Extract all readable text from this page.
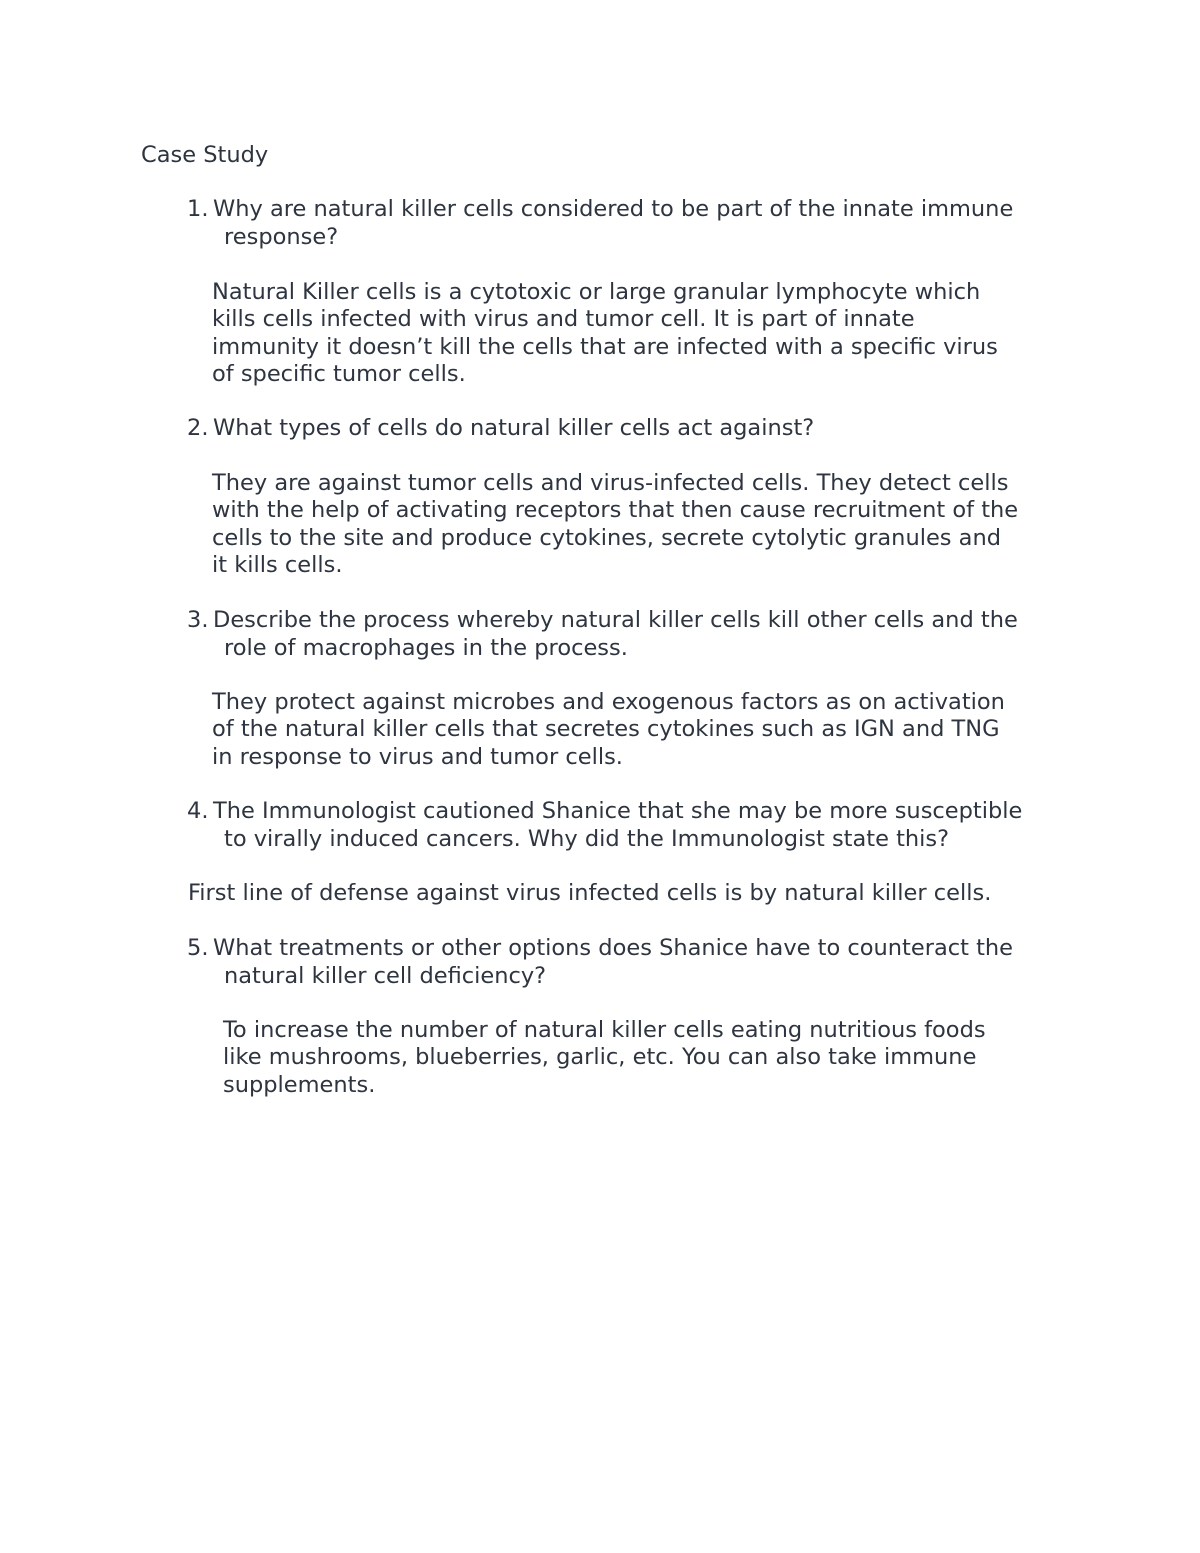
Case Study
1. Why are natural killer cells considered to be part of the innate immune
response?
Natural Killer cells is a cytotoxic or large granular lymphocyte which
kills cells infected with virus and tumor cell. It is part of innate
immunity it doesn’t kill the cells that are infected with a specific virus
of specific tumor cells.
2. What types of cells do natural killer cells act against?
They are against tumor cells and virus-infected cells. They detect cells
with the help of activating receptors that then cause recruitment of the
cells to the site and produce cytokines, secrete cytolytic granules and
it kills cells.
3. Describe the process whereby natural killer cells kill other cells and the
role of macrophages in the process.
They protect against microbes and exogenous factors as on activation
of the natural killer cells that secretes cytokines such as IGN and TNG
in response to virus and tumor cells.
4. The Immunologist cautioned Shanice that she may be more susceptible
to virally induced cancers. Why did the Immunologist state this?
First line of defense against virus infected cells is by natural killer cells.
5. What treatments or other options does Shanice have to counteract the
natural killer cell deficiency?
To increase the number of natural killer cells eating nutritious foods
like mushrooms, blueberries, garlic, etc. You can also take immune
supplements.
